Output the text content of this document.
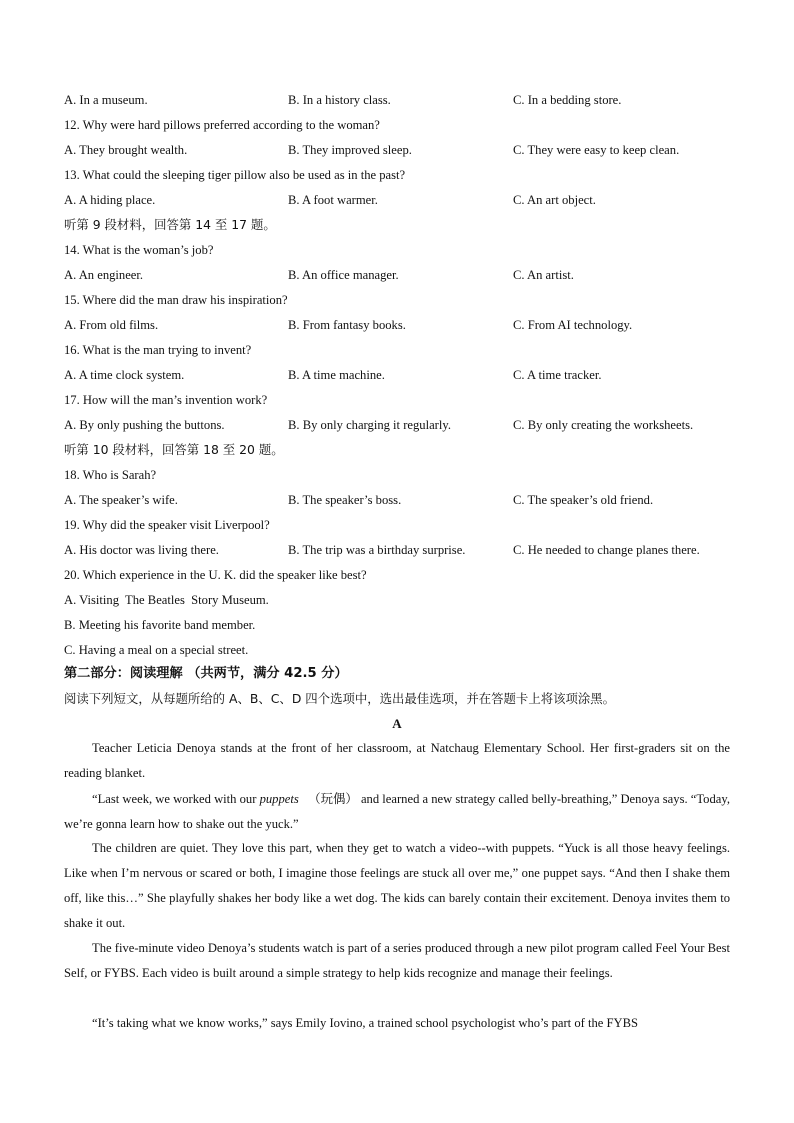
A. In a museum.	B. In a history class.	C. In a bedding store.
12. Why were hard pillows preferred according to the woman?
A. They brought wealth.	B. They improved sleep.	C. They were easy to keep clean.
13. What could the sleeping tiger pillow also be used as in the past?
A. A hiding place.	B. A foot warmer.	C. An art object.
听第 9 段材料，回答第 14 至 17 题。
14. What is the woman’s job?
A. An engineer.	B. An office manager.	C. An artist.
15. Where did the man draw his inspiration?
A. From old films.	B. From fantasy books.	C. From AI technology.
16. What is the man trying to invent?
A. A time clock system.	B. A time machine.	C. A time tracker.
17. How will the man’s invention work?
A. By only pushing the buttons.	B. By only charging it regularly.	C. By only creating the worksheets.
听第 10 段材料，回答第 18 至 20 题。
18. Who is Sarah?
A. The speaker’s wife.	B. The speaker’s boss.	C. The speaker’s old friend.
19. Why did the speaker visit Liverpool?
A. His doctor was living there.	B. The trip was a birthday surprise.	C. He needed to change planes there.
20. Which experience in the U. K. did the speaker like best?
A. Visiting  The Beatles  Story Museum.
B. Meeting his favorite band member.
C. Having a meal on a special street.
第二部分：阅读理解 （共两节，满分 42.5 分）
阅读下列短文，从每题所给的 A、B、C、D 四个选项中，选出最佳选项，并在答题卡上将该项涂黑。
A

Teacher Leticia Denoya stands at the front of her classroom, at Natchaug Elementary School. Her first-graders sit on the reading blanket.

“Last week, we worked with our puppets （玩偶） and learned a new strategy called belly-breathing,” Denoya says. “Today, we’re gonna learn how to shake out the yuck.”

The children are quiet. They love this part, when they get to watch a video--with puppets. “Yuck is all those heavy feelings. Like when I’m nervous or scared or both, I imagine those feelings are stuck all over me,” one puppet says. “And then I shake them off, like this…” She playfully shakes her body like a wet dog. The kids can barely contain their excitement. Denoya invites them to shake it out.

The five-minute video Denoya’s students watch is part of a series produced through a new pilot program called Feel Your Best Self, or FYBS. Each video is built around a simple strategy to help kids recognize and manage their feelings.

“It’s taking what we know works,” says Emily Iovino, a trained school psychologist who’s part of the FYBS
